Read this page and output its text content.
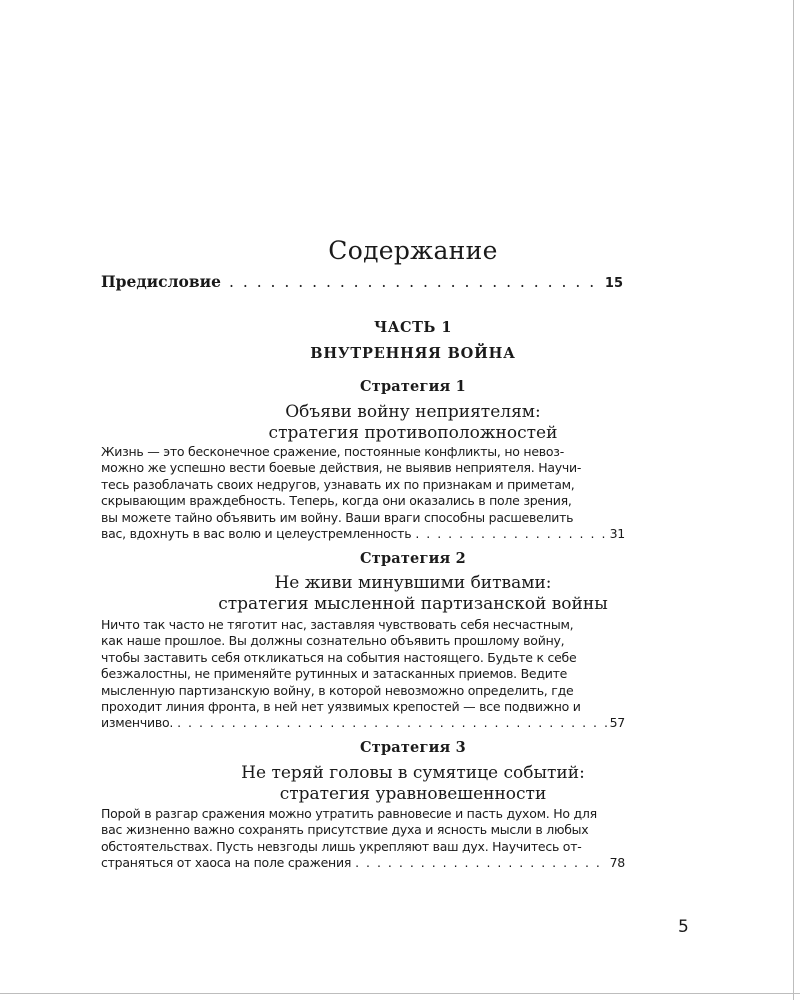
Содержание
Предисловие . . .	15
ЧАСТЬ 1
ВНУТРЕННЯЯ ВОЙНА
Стратегия 1
Объяви войну неприятелям:
стратегия противоположностей

Жизнь — это бесконечное сражение, постоянные конфликты, но невоз-

можно же успешно вести боевые действия, не выявив неприятеля. Научи-

тесь разоблачать своих недругов, узнавать их по признакам и приметам,

скрывающим враждебность. Теперь, когда они оказались в поле зрения,

вы можете тайно объявить им войну. Ваши враги способны расшевелить

вас, вдохнуть в вас волю и целеустремленность . . .	31
Стратегия 2
Не живи минувшими битвами:
стратегия мысленной партизанской войны

Ничто так часто не тяготит нас, заставляя чувствовать себя несчастным,

как наше прошлое. Вы должны сознательно объявить прошлому войну,

чтобы заставить себя откликаться на события настоящего. Будьте к себе

безжалостны, не применяйте рутинных и затасканных приемов. Ведите

мысленную партизанскую войну, в которой невозможно определить, где

проходит линия фронта, в ней нет уязвимых крепостей — все подвижно и

изменчиво. . . .	57
Стратегия 3
Не теряй головы в сумятице событий:
стратегия уравновешенности

Порой в разгар сражения можно утратить равновесие и пасть духом. Но для

вас жизненно важно сохранять присутствие духа и ясность мысли в любых

обстоятельствах. Пусть невзгоды лишь укрепляют ваш дух. Научитесь от-

страняться от хаоса на поле сражения . . .	78
5
